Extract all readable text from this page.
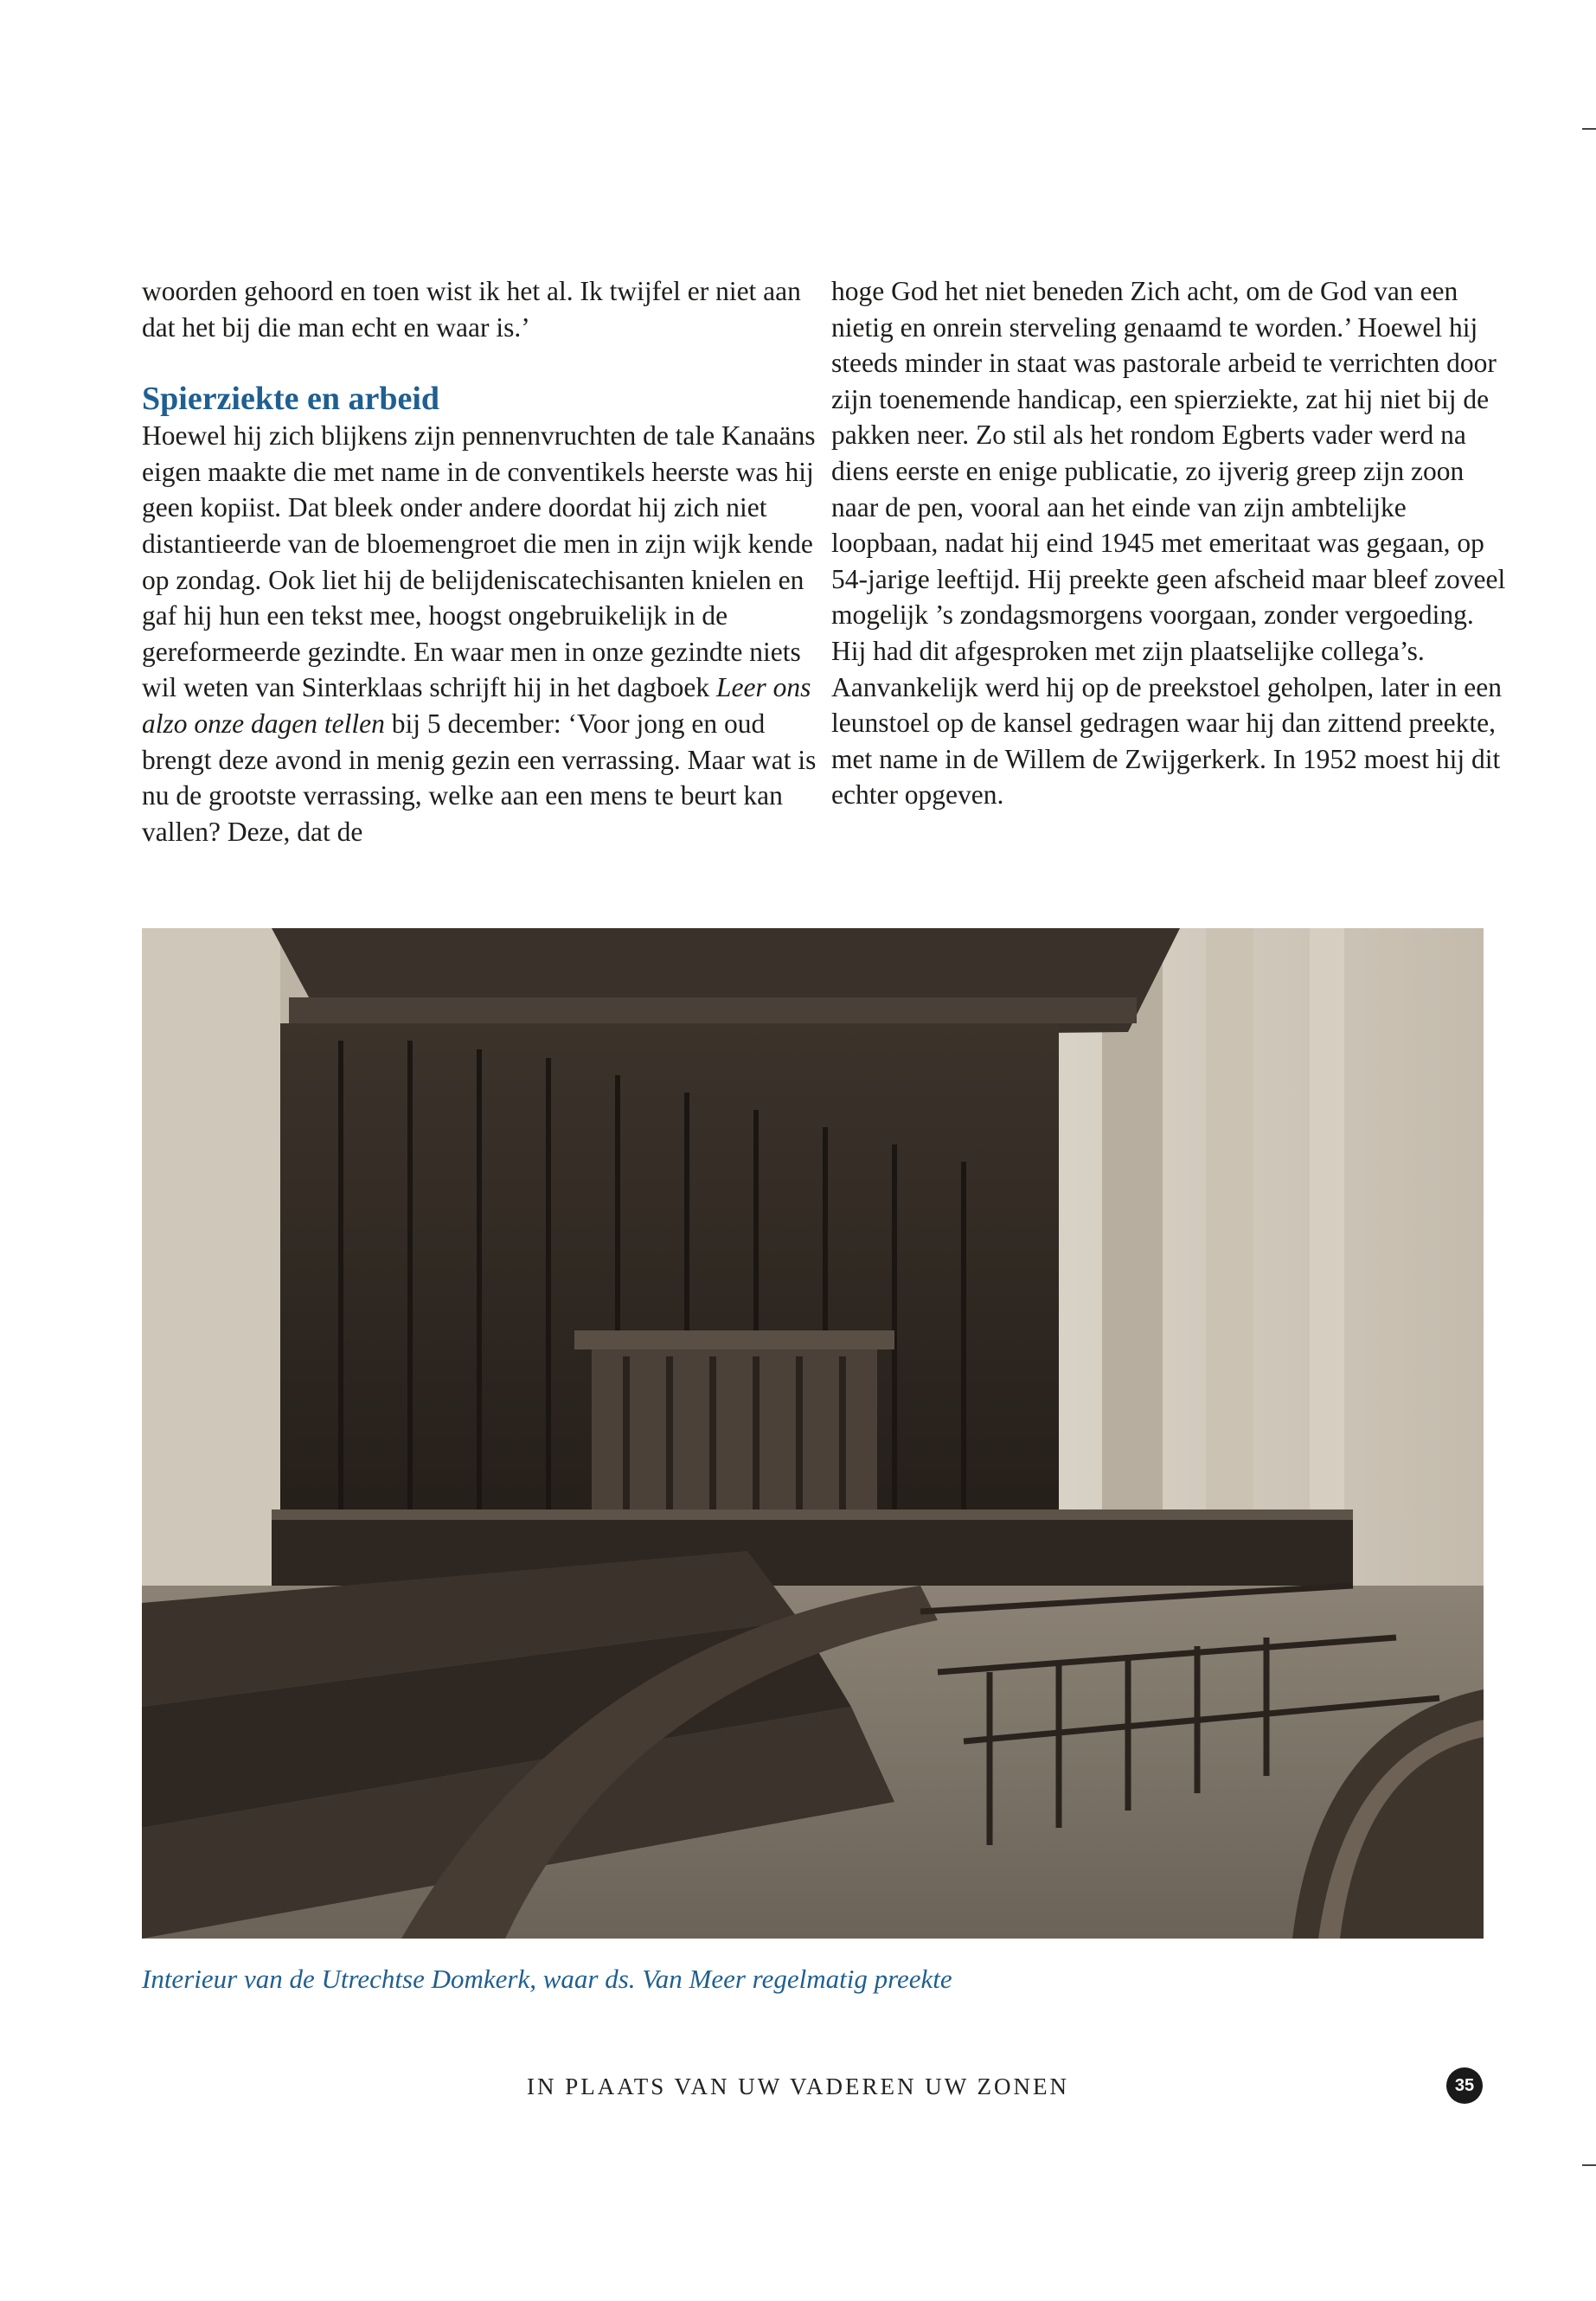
woorden gehoord en toen wist ik het al. Ik twijfel er niet aan dat het bij die man echt en waar is.’

Spierziekte en arbeid

Hoewel hij zich blijkens zijn pennenvruchten de tale Kanaäns eigen maakte die met name in de conventikels heerste was hij geen kopiist. Dat bleek onder andere doordat hij zich niet distantieerde van de bloemengroet die men in zijn wijk kende op zondag. Ook liet hij de belijdeniscatechisanten knielen en gaf hij hun een tekst mee, hoogst ongebruikelijk in de gereformeerde gezindte. En waar men in onze gezindte niets wil weten van Sinterklaas schrijft hij in het dagboek Leer ons alzo onze dagen tellen bij 5 december: ‘Voor jong en oud brengt deze avond in menig gezin een verrassing. Maar wat is nu de grootste verrassing, welke aan een mens te beurt kan vallen? Deze, dat de

hoge God het niet beneden Zich acht, om de God van een nietig en onrein sterveling genaamd te worden.’ Hoewel hij steeds minder in staat was pastorale arbeid te verrichten door zijn toenemende handicap, een spierziekte, zat hij niet bij de pakken neer. Zo stil als het rondom Egberts vader werd na diens eerste en enige publicatie, zo ijverig greep zijn zoon naar de pen, vooral aan het einde van zijn ambtelijke loopbaan, nadat hij eind 1945 met emeritaat was gegaan, op 54-jarige leeftijd. Hij preekte geen afscheid maar bleef zoveel mogelijk ’s zondagsmorgens voorgaan, zonder vergoeding. Hij had dit afgesproken met zijn plaatselijke collega’s. Aanvankelijk werd hij op de preekstoel geholpen, later in een leunstoel op de kansel gedragen waar hij dan zittend preekte, met name in de Willem de Zwijgerkerk. In 1952 moest hij dit echter opgeven.

Interieur van de Utrechtse Domkerk, waar ds. Van Meer regelmatig preekte
IN PLAATS VAN UW VADEREN UW ZONEN	35
